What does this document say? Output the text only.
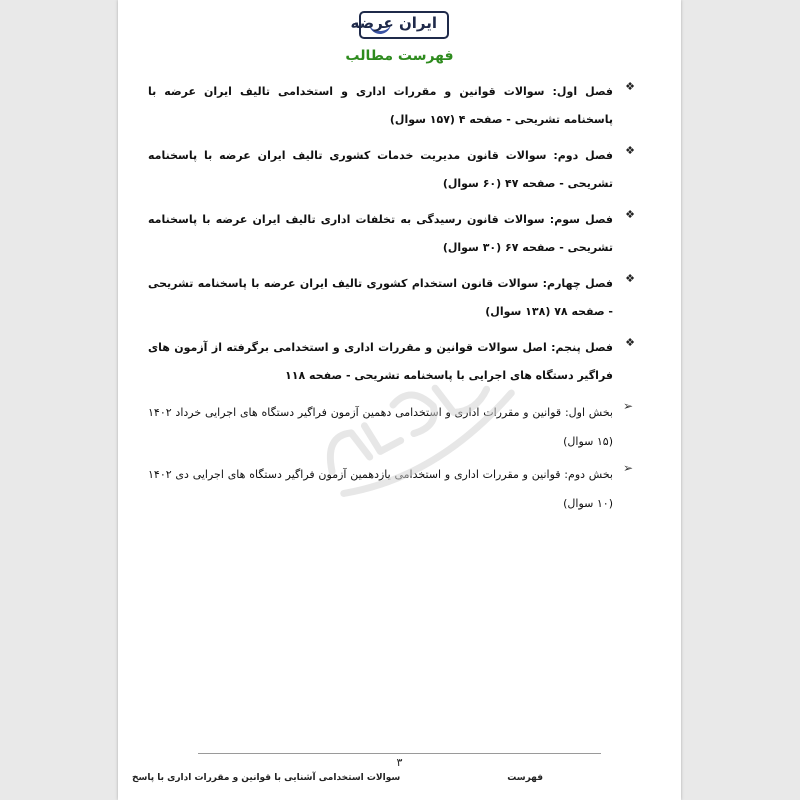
ایران عرضه
فهرست مطالب
❖
فصل اول: سوالات قوانین و مقررات اداری و استخدامی تالیف ایران عرضه با پاسخنامه تشریحی - صفحه ۴ (۱۵۷ سوال)
❖
فصل دوم: سوالات قانون مدیریت خدمات کشوری تالیف ایران عرضه با پاسخنامه تشریحی - صفحه ۴۷ (۶۰ سوال)
❖
فصل سوم: سوالات قانون رسیدگی به تخلفات اداری تالیف ایران عرضه با پاسخنامه تشریحی - صفحه ۶۷ (۳۰ سوال)
❖
فصل چهارم: سوالات قانون استخدام کشوری تالیف ایران عرضه با پاسخنامه تشریحی - صفحه ۷۸ (۱۳۸ سوال)
❖
فصل پنجم: اصل سوالات قوانین و مقررات اداری و استخدامی برگرفته از آزمون های فراگیر دستگاه های اجرایی با پاسخنامه تشریحی - صفحه ۱۱۸
➢
بخش اول: قوانین و مقررات اداری و استخدامی دهمین آزمون فراگیر دستگاه های اجرایی خرداد ۱۴۰۲ (۱۵ سوال)
➢
بخش دوم: قوانین و مقررات اداری و استخدامی یازدهمین آزمون فراگیر دستگاه های اجرایی دی ۱۴۰۲ (۱۰ سوال)
۳
سوالات استخدامی آشنایی با قوانین و مقررات اداری با پاسخ	فهرست
